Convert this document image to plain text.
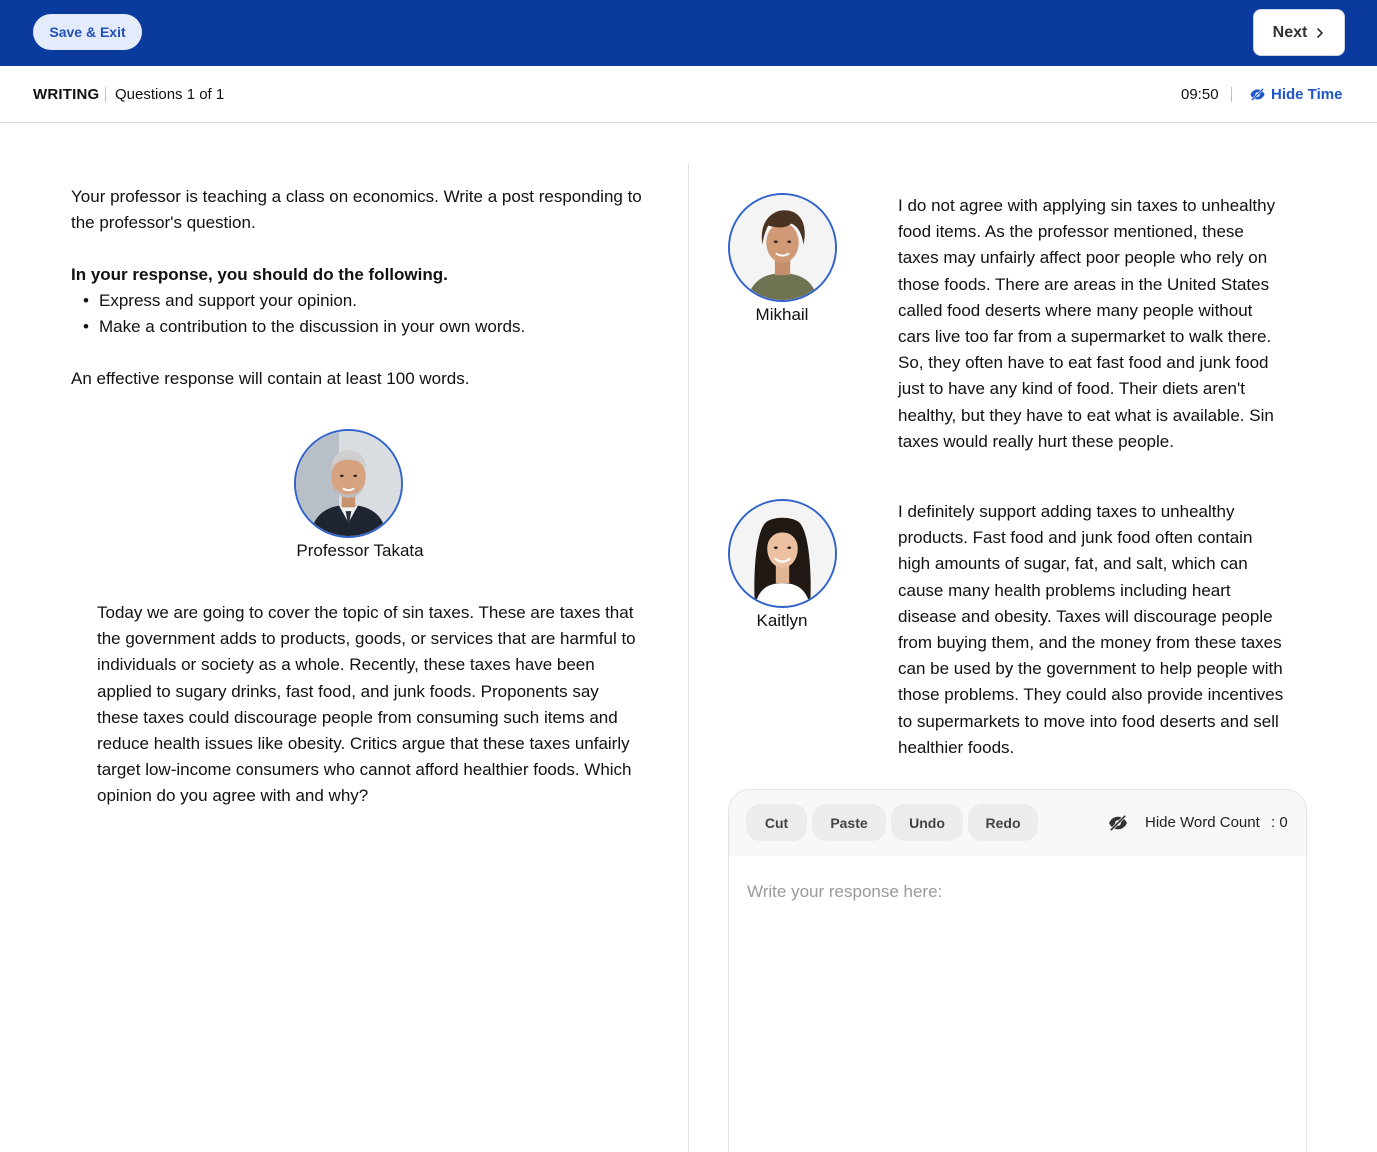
Save & Exit	Next
WRITING Questions 1 of 1	09:50	Hide Time

Your professor is teaching a class on economics. Write a post responding to the professor's question.

In your response, you should do the following.

• Express and support your opinion.
• Make a contribution to the discussion in your own words.

An effective response will contain at least 100 words.

Professor Takata

Today we are going to cover the topic of sin taxes. These are taxes that the government adds to products, goods, or services that are harmful to individuals or society as a whole. Recently, these taxes have been applied to sugary drinks, fast food, and junk foods. Proponents say these taxes could discourage people from consuming such items and reduce health issues like obesity. Critics argue that these taxes unfairly target low-income consumers who cannot afford healthier foods. Which opinion do you agree with and why?

Mikhail

I do not agree with applying sin taxes to unhealthy food items. As the professor mentioned, these taxes may unfairly affect poor people who rely on those foods. There are areas in the United States called food deserts where many people without cars live too far from a supermarket to walk there. So, they often have to eat fast food and junk food just to have any kind of food. Their diets aren't healthy, but they have to eat what is available. Sin taxes would really hurt these people.

Kaitlyn

I definitely support adding taxes to unhealthy products. Fast food and junk food often contain high amounts of sugar, fat, and salt, which can cause many health problems including heart disease and obesity. Taxes will discourage people from buying them, and the money from these taxes can be used by the government to help people with those problems. They could also provide incentives to supermarkets to move into food deserts and sell healthier foods.

Cut	Paste	Undo	Redo	Hide Word Count : 0
Write your response here:
